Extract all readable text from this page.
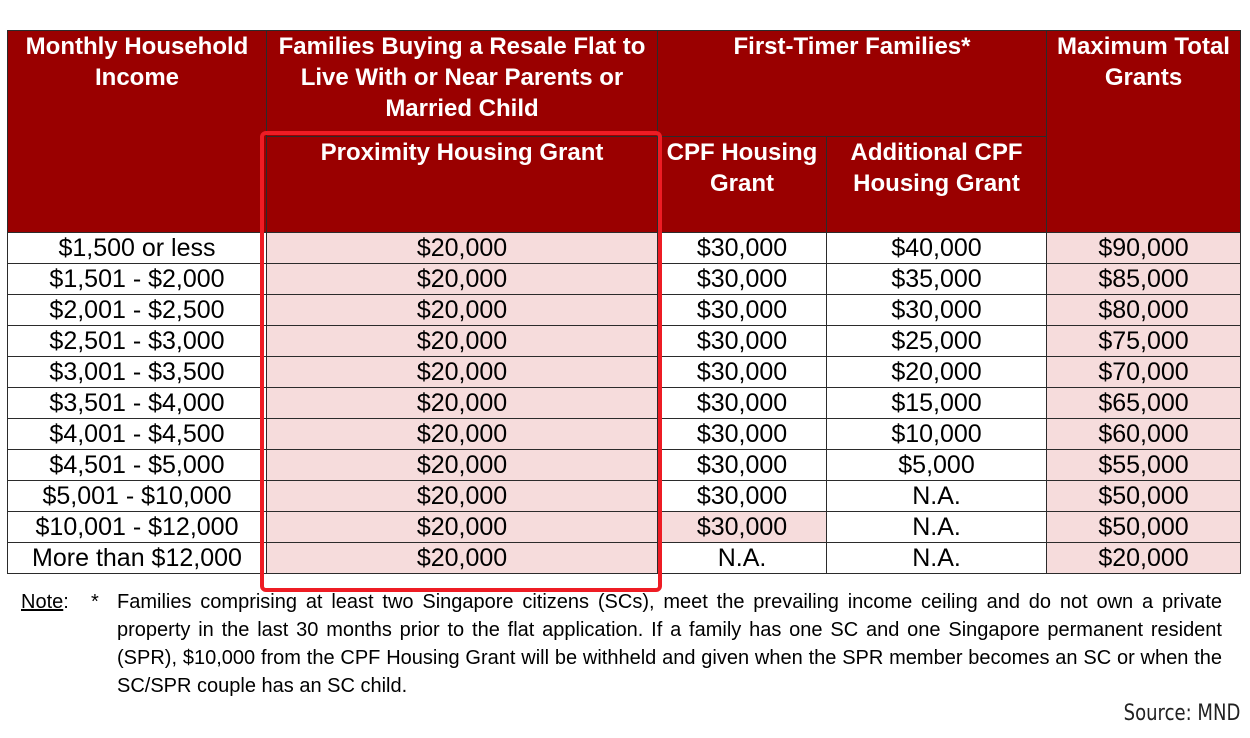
Monthly Household Income	Families Buying a Resale Flat to Live With or Near Parents or Married Child	First-Timer Families*		Maximum Total Grants
	Proximity Housing Grant	CPF Housing Grant	Additional CPF Housing Grant	
$1,500 or less	$20,000	$30,000	$40,000	$90,000
$1,501 - $2,000	$20,000	$30,000	$35,000	$85,000
$2,001 - $2,500	$20,000	$30,000	$30,000	$80,000
$2,501 - $3,000	$20,000	$30,000	$25,000	$75,000
$3,001 - $3,500	$20,000	$30,000	$20,000	$70,000
$3,501 - $4,000	$20,000	$30,000	$15,000	$65,000
$4,001 - $4,500	$20,000	$30,000	$10,000	$60,000
$4,501 - $5,000	$20,000	$30,000	$5,000	$55,000
$5,001 - $10,000	$20,000	$30,000	N.A.	$50,000
$10,001 - $12,000	$20,000	$30,000	N.A.	$50,000
More than $12,000	$20,000	N.A.	N.A.	$20,000
Note: * Families comprising at least two Singapore citizens (SCs), meet the prevailing income ceiling and do not own a private property in the last 30 months prior to the flat application. If a family has one SC and one Singapore permanent resident (SPR), $10,000 from the CPF Housing Grant will be withheld and given when the SPR member becomes an SC or when the SC/SPR couple has an SC child.
Source: MND
